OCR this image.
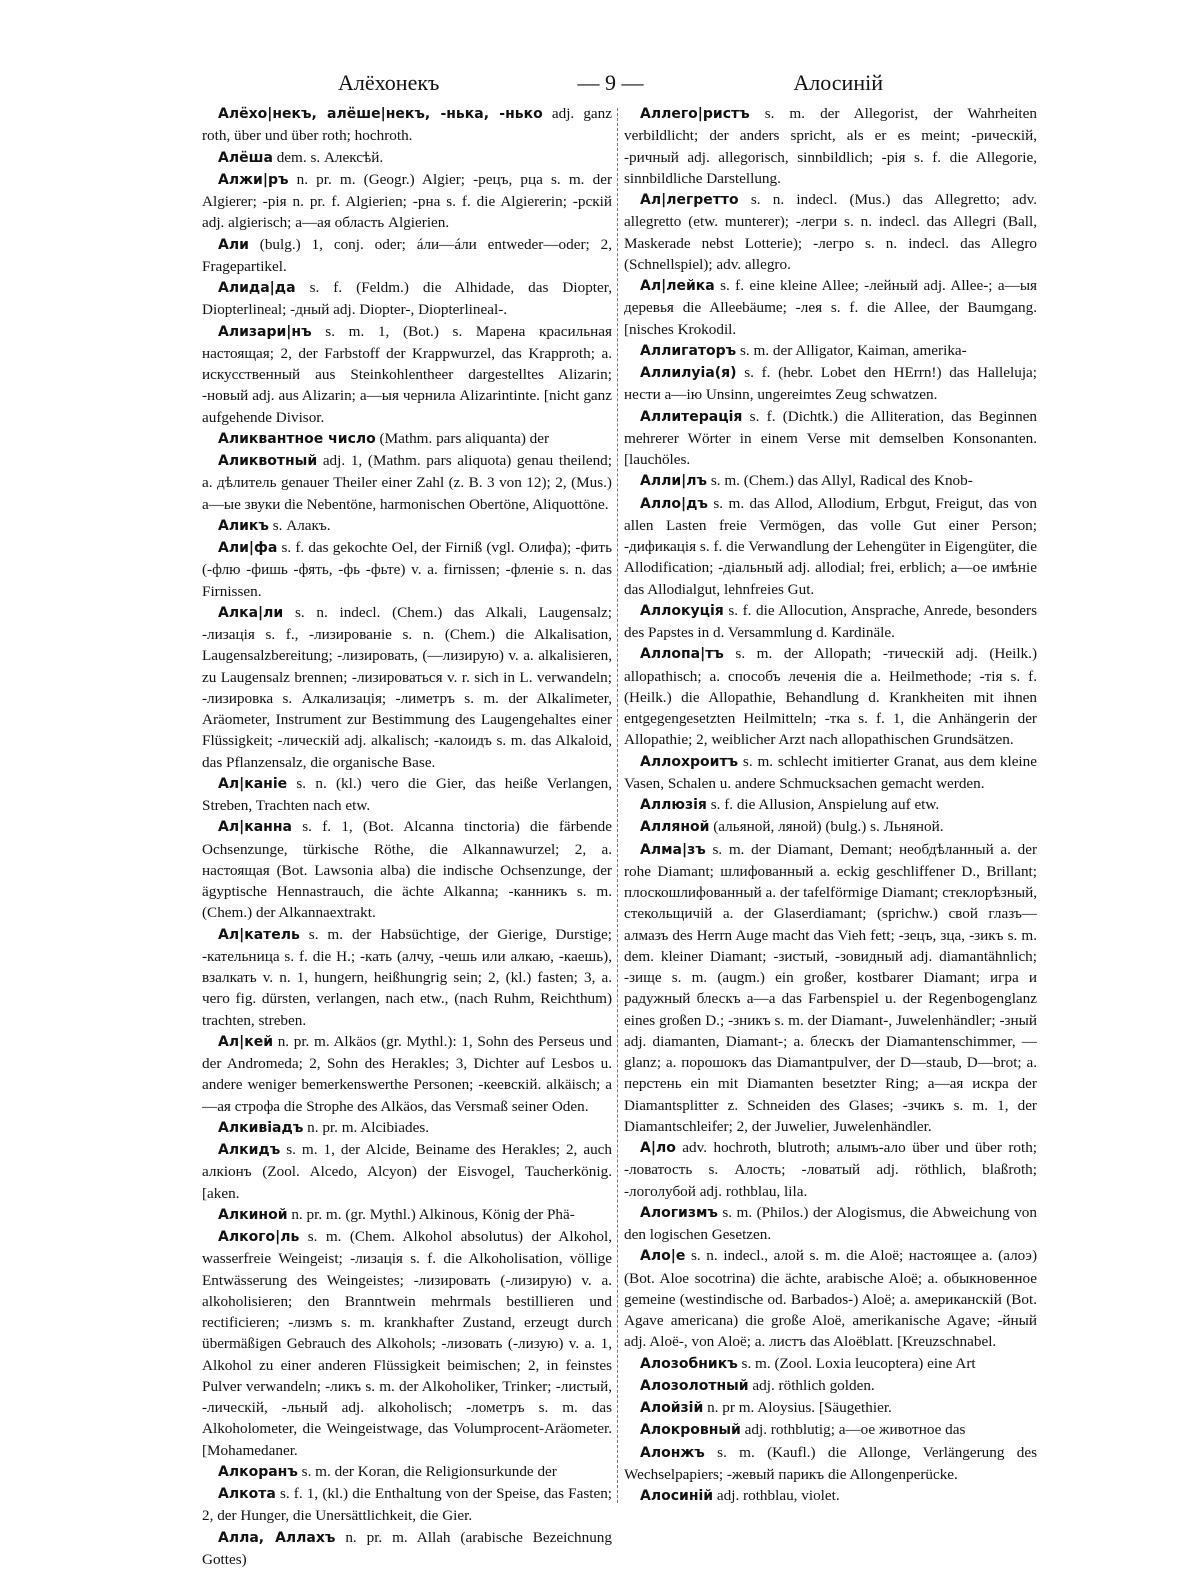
Алёхонекъ	— 9 —	Алосиній

Алёхо|некъ, алёше|некъ, -нька, -нько adj. ganz roth, über und über roth; hochroth.

Алёша dem. s. Алексѣй.

Алжи|ръ n. pr. m. (Geogr.) Algier; -рецъ, рца s. m. der Algierer; -рія n. pr. f. Algierien; -рна s. f. die Algiererin; -рскій adj. algierisch; а—ая область Algierien.

Али (bulg.) 1, conj. oder; áли—áли entweder—oder; 2, Fragepartikel.

Алида|да s. f. (Feldm.) die Alhidade, das Diopter, Diopterlineal; -дный adj. Diopter-, Diopterlineal-.

Ализари|нъ s. m. 1, (Bot.) s. Марена красильная настоящая; 2, der Farbstoff der Krappwurzel, das Krapproth; а. искусственный aus Steinkohlentheer dargestelltes Alizarin; -новый adj. aus Alizarin; а—ыя чернила Alizarintinte. [nicht ganz aufgehende Divisor.

Аликвантное число (Mathm. pars aliquanta) der

Аликвотный adj. 1, (Mathm. pars aliquota) genau theilend; а. дѣлитель genauer Theiler einer Zahl (z. B. 3 von 12); 2, (Mus.) а—ые звуки die Nebentöne, harmonischen Obertöne, Aliquottöne.

Аликъ s. Алакъ.

Али|фа s. f. das gekochte Oel, der Firniß (vgl. Олифа); -фить (-флю -фишь -фять, -фь -фьте) v. a. firnissen; -фленіе s. n. das Firnissen.

Алка|ли s. n. indecl. (Chem.) das Alkali, Laugensalz; -лизація s. f., -лизированіе s. n. (Chem.) die Alkalisation, Laugensalzbereitung; -лизировать, (—лизирую) v. a. alkalisieren, zu Laugensalz brennen; -лизироваться v. r. sich in L. verwandeln; -лизировка s. Алкализація; -лиметръ s. m. der Alkalimeter, Aräometer, Instrument zur Bestimmung des Laugengehaltes einer Flüssigkeit; -лическій adj. alkalisch; -калоидъ s. m. das Alkaloid, das Pflanzensalz, die organische Base.

Ал|каніе s. n. (kl.) чего die Gier, das heiße Verlangen, Streben, Trachten nach etw.

Ал|канна s. f. 1, (Bot. Alcanna tinctoria) die färbende Ochsenzunge, türkische Röthe, die Alkannawurzel; 2, а. настоящая (Bot. Lawsonia alba) die indische Ochsenzunge, der ägyptische Hennastrauch, die ächte Alkanna; -канникъ s. m. (Chem.) der Alkannaextrakt.

Ал|катель s. m. der Habsüchtige, der Gierige, Durstige; -кательница s. f. die H.; -кать (алчу, -чешь или алкаю, -каешь), взалкать v. n. 1, hungern, heißhungrig sein; 2, (kl.) fasten; 3, а. чего fig. dürsten, verlangen, nach etw., (nach Ruhm, Reichthum) trachten, streben.

Ал|кей n. pr. m. Alkäos (gr. Mythl.): 1, Sohn des Perseus und der Andromeda; 2, Sohn des Herakles; 3, Dichter auf Lesbos u. andere weniger bemerkenswerthe Personen; -кеевскій. alkäisch; а—ая строфа die Strophe des Alkäos, das Versmaß seiner Oden.

Алкивіадъ n. pr. m. Alcibiades.

Алкидъ s. m. 1, der Alcide, Beiname des Herakles; 2, auch алкіонъ (Zool. Alcedo, Alcyon) der Eisvogel, Taucherkönig. [aken.

Алкиной n. pr. m. (gr. Mythl.) Alkinous, König der Phä-

Алкого|ль s. m. (Chem. Alkohol absolutus) der Alkohol, wasserfreie Weingeist; -лизація s. f. die Alkoholisation, völlige Entwässerung des Weingeistes; -лизировать (-лизирую) v. a. alkoholisieren; den Branntwein mehrmals bestillieren und rectificieren; -лизмъ s. m. krankhafter Zustand, erzeugt durch übermäßigen Gebrauch des Alkohols; -лизовать (-лизую) v. a. 1, Alkohol zu einer anderen Flüssigkeit beimischen; 2, in feinstes Pulver verwandeln; -ликъ s. m. der Alkoholiker, Trinker; -листый, -лическій, -льный adj. alkoholisch; -лометръ s. m. das Alkoholometer, die Weingeistwage, das Volumprocent-Aräometer. [Mohamedaner.

Алкоранъ s. m. der Koran, die Religionsurkunde der

Алкота s. f. 1, (kl.) die Enthaltung von der Speise, das Fasten; 2, der Hunger, die Unersättlichkeit, die Gier.

Алла, Аллахъ n. pr. m. Allah (arabische Bezeichnung Gottes)

Аллего|ристъ s. m. der Allegorist, der Wahrheiten verbildlicht; der anders spricht, als er es meint; -рическій, -ричный adj. allegorisch, sinnbildlich; -рія s. f. die Allegorie, sinnbildliche Darstellung.

Ал|легретто s. n. indecl. (Mus.) das Allegretto; adv. allegretto (etw. munterer); -легри s. n. indecl. das Allegri (Ball, Maskerade nebst Lotterie); -легро s. n. indecl. das Allegro (Schnellspiel); adv. allegro.

Ал|лейка s. f. eine kleine Allee; -лейный adj. Allee-; а—ыя деревья die Alleebäume; -лея s. f. die Allee, der Baumgang. [nisches Krokodil.

Аллигаторъ s. m. der Alligator, Kaiman, amerika-

Аллилуіа(я) s. f. (hebr. Lobet den HErrn!) das Halleluja; нести а—ію Unsinn, ungereimtes Zeug schwatzen.

Аллитерація s. f. (Dichtk.) die Alliteration, das Beginnen mehrerer Wörter in einem Verse mit demselben Konsonanten. [lauchöles.

Алли|лъ s. m. (Chem.) das Allyl, Radical des Knob-

Алло|дъ s. m. das Allod, Allodium, Erbgut, Freigut, das von allen Lasten freie Vermögen, das volle Gut einer Person; -дификація s. f. die Verwandlung der Lehengüter in Eigengüter, die Allodification; -діальный adj. allodial; frei, erblich; а—ое имѣніе das Allodialgut, lehnfreies Gut.

Аллокуція s. f. die Allocution, Ansprache, Anrede, besonders des Papstes in d. Versammlung d. Kardinäle.

Аллопа|тъ s. m. der Allopath; -тическій adj. (Heilk.) allopathisch; а. способъ леченія die a. Heilmethode; -тія s. f. (Heilk.) die Allopathie, Behandlung d. Krankheiten mit ihnen entgegengesetzten Heilmitteln; -тка s. f. 1, die Anhängerin der Allopathie; 2, weiblicher Arzt nach allopathischen Grundsätzen.

Аллохроитъ s. m. schlecht imitierter Granat, aus dem kleine Vasen, Schalen u. andere Schmucksachen gemacht werden.

Аллюзія s. f. die Allusion, Anspielung auf etw.

Алляной (альяной, ляной) (bulg.) s. Льняной.

Алма|зъ s. m. der Diamant, Demant; необдѣланный а. der rohe Diamant; шлифованный а. eckig geschliffener D., Brillant; плоскошлифованный а. der tafelförmige Diamant; стеклорѣзный, стекольщичій а. der Glaserdiamant; (sprichw.) свой глазъ—алмазъ des Herrn Auge macht das Vieh fett; -зецъ, зца, -зикъ s. m. dem. kleiner Diamant; -зистый, -зовидный adj. diamantähnlich; -зище s. m. (augm.) ein großer, kostbarer Diamant; игра и радужный блескъ а—а das Farbenspiel u. der Regenbogenglanz eines großen D.; -зникъ s. m. der Diamant-, Juwelenhändler; -зный adj. diamanten, Diamant-; а. блескъ der Diamantenschimmer, —glanz; а. порошокъ das Diamantpulver, der D—staub, D—brot; а. перстень ein mit Diamanten besetzter Ring; а—ая искра der Diamantsplitter z. Schneiden des Glases; -зчикъ s. m. 1, der Diamantschleifer; 2, der Juwelier, Juwelenhändler.

А|ло adv. hochroth, blutroth; алымъ-ало über und über roth; -ловатость s. Алость; -ловатый adj. röthlich, blaßroth; -логолубой adj. rothblau, lila.

Алогизмъ s. m. (Philos.) der Alogismus, die Abweichung von den logischen Gesetzen.

Ало|е s. n. indecl., алой s. m. die Aloë; настоящее а. (алоэ) (Bot. Aloe socotrina) die ächte, arabische Aloë; а. обыкновенное gemeine (westindische od. Barbados-) Aloë; а. американскій (Bot. Agave americana) die große Aloë, amerikanische Agave; -йный adj. Aloë-, von Aloë; а. листъ das Aloëblatt. [Kreuzschnabel.

Алозобникъ s. m. (Zool. Loxia leucoptera) eine Art

Алозолотный adj. röthlich golden.

Алойзій n. pr m. Aloysius. [Säugethier.

Алокровный adj. rothblutig; а—ое животное das

Алонжъ s. m. (Kaufl.) die Allonge, Verlängerung des Wechselpapiers; -жевый парикъ die Allongenperücke.

Алосиній adj. rothblau, violet.
